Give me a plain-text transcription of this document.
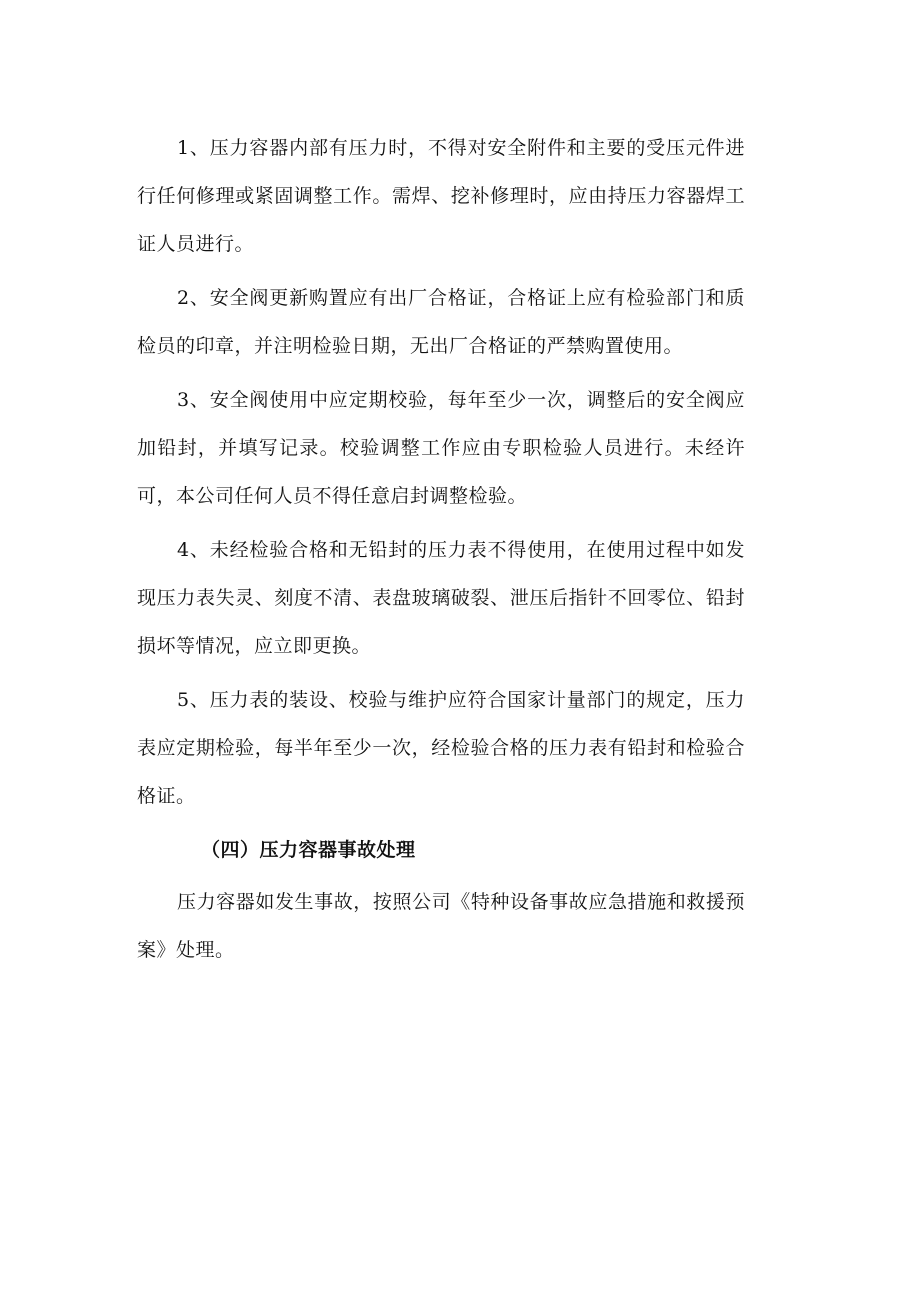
1、压力容器内部有压力时，不得对安全附件和主要的受压元件进行任何修理或紧固调整工作。需焊、挖补修理时，应由持压力容器焊工证人员进行。

2、安全阀更新购置应有出厂合格证，合格证上应有检验部门和质检员的印章，并注明检验日期，无出厂合格证的严禁购置使用。

3、安全阀使用中应定期校验，每年至少一次，调整后的安全阀应加铅封，并填写记录。校验调整工作应由专职检验人员进行。未经许可，本公司任何人员不得任意启封调整检验。

4、未经检验合格和无铅封的压力表不得使用，在使用过程中如发现压力表失灵、刻度不清、表盘玻璃破裂、泄压后指针不回零位、铅封损坏等情况，应立即更换。

5、压力表的装设、校验与维护应符合国家计量部门的规定，压力表应定期检验，每半年至少一次，经检验合格的压力表有铅封和检验合格证。

（四）压力容器事故处理

压力容器如发生事故，按照公司《特种设备事故应急措施和救援预案》处理。
